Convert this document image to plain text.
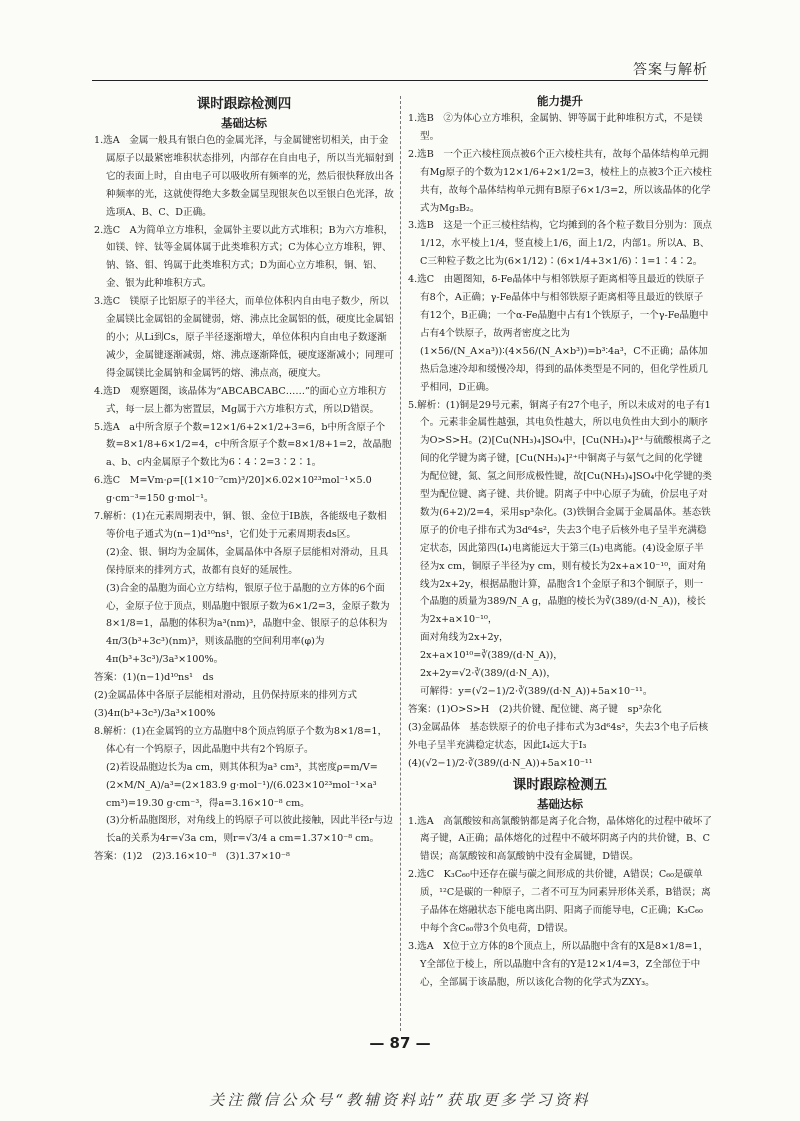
答案与解析
课时跟踪检测四
基础达标

1.选A　金属一般具有银白色的金属光泽，与金属键密切相关，由于金属原子以最紧密堆积状态排列，内部存在自由电子，所以当光辐射到它的表面上时，自由电子可以吸收所有频率的光，然后很快释放出各种频率的光，这就使得绝大多数金属呈现银灰色以至银白色光泽，故选项A、B、C、D正确。

2.选C　A为简单立方堆积，金属钋主要以此方式堆积；B为六方堆积，如镁、锌、钛等金属体属于此类堆积方式；C为体心立方堆积，钾、钠、铬、钼、钨属于此类堆积方式；D为面心立方堆积，铜、铝、金、银为此种堆积方式。

3.选C　镁原子比铝原子的半径大，而单位体积内自由电子数少，所以金属镁比金属铝的金属键弱，熔、沸点比金属铝的低，硬度比金属铝的小；从Li到Cs，原子半径逐渐增大，单位体积内自由电子数逐渐减少，金属键逐渐减弱，熔、沸点逐渐降低，硬度逐渐减小；同理可得金属镁比金属钠和金属钙的熔、沸点高，硬度大。

4.选D　观察题图，该晶体为“ABCABCABC……”的面心立方堆积方式，每一层上都为密置层，Mg属于六方堆积方式，所以D错误。

5.选A　a中所含原子个数=12×1/6+2×1/2+3=6，b中所含原子个数=8×1/8+6×1/2=4，c中所含原子个数=8×1/8+1=2，故晶胞a、b、c内金属原子个数比为6∶4∶2=3∶2∶1。

6.选C　M=Vm·ρ=[(1×10⁻⁷cm)³/20]×6.02×10²³mol⁻¹×5.0 g·cm⁻³=150 g·mol⁻¹。

7.解析：(1)在元素周期表中，铜、银、金位于ⅠB族，各能级电子数相等价电子通式为(n−1)d¹⁰ns¹，它们处于元素周期表ds区。
(2)金、银、铜均为金属体，金属晶体中各原子层能相对滑动，且具保持原来的排列方式，故都有良好的延展性。
(3)合金的晶胞为面心立方结构，银原子位于晶胞的立方体的6个面心，金原子位于顶点，则晶胞中银原子数为6×1/2=3，金原子数为8×1/8=1，晶胞的体积为a³(nm)³，晶胞中金、银原子的总体积为4π/3(b³+3c³)(nm)³，则该晶胞的空间利用率(φ)为4π(b³+3c³)/3a³×100%。

答案：(1)(n−1)d¹⁰ns¹　ds
(2)金属晶体中各原子层能相对滑动，且仍保持原来的排列方式　(3)4π(b³+3c³)/3a³×100%

8.解析：(1)在金属钨的立方晶胞中8个顶点钨原子个数为8×1/8=1，体心有一个钨原子，因此晶胞中共有2个钨原子。
(2)若设晶胞边长为a cm，则其体积为a³ cm³，其密度ρ=m/V=(2×M/N_A)/a³=(2×183.9 g·mol⁻¹)/(6.023×10²³mol⁻¹×a³ cm³)=19.30 g·cm⁻³，得a=3.16×10⁻⁸ cm。
(3)分析晶胞图形，对角线上的钨原子可以彼此接触，因此半径r与边长a的关系为4r=√3a cm，则r=√3/4 a cm=1.37×10⁻⁸ cm。

答案：(1)2　(2)3.16×10⁻⁸　(3)1.37×10⁻⁸

能力提升

1.选B　②为体心立方堆积，金属钠、钾等属于此种堆积方式，不是镁型。

2.选B　一个正六棱柱顶点被6个正六棱柱共有，故每个晶体结构单元拥有Mg原子的个数为12×1/6+2×1/2=3，棱柱上的点被3个正六棱柱共有，故每个晶体结构单元拥有B原子6×1/3=2，所以该晶体的化学式为Mg₃B₂。

3.选B　这是一个正三棱柱结构，它均摊到的各个粒子数目分别为：顶点1/12，水平棱上1/4，竖直棱上1/6，面上1/2，内部1。所以A、B、C三种粒子数之比为(6×1/12)∶(6×1/4+3×1/6)∶1=1∶4∶2。

4.选C　由题图知，δ-Fe晶体中与相邻铁原子距离相等且最近的铁原子有8个，A正确；γ-Fe晶体中与相邻铁原子距离相等且最近的铁原子有12个，B正确；一个α-Fe晶胞中占有1个铁原子，一个γ-Fe晶胞中占有4个铁原子，故两者密度之比为(1×56/(N_A×a³))∶(4×56/(N_A×b³))=b³∶4a³，C不正确；晶体加热后急速冷却和缓慢冷却，得到的晶体类型是不同的，但化学性质几乎相同，D正确。

5.解析：(1)铜是29号元素，铜离子有27个电子，所以未成对的电子有1个。元素非金属性越强，其电负性越大，所以电负性由大到小的顺序为O>S>H。(2)[Cu(NH₃)₄]SO₄中，[Cu(NH₃)₄]²⁺与硫酸根离子之间的化学键为离子键，[Cu(NH₃)₄]²⁺中铜离子与氨气之间的化学键为配位键，氮、氢之间形成极性键，故[Cu(NH₃)₄]SO₄中化学键的类型为配位键、离子键、共价键。阴离子中中心原子为硫，价层电子对数为(6+2)/2=4，采用sp³杂化。(3)铁铜合金属于金属晶体。基态铁原子的价电子排布式为3d⁶4s²，失去3个电子后核外电子呈半充满稳定状态，因此第四(I₄)电离能远大于第三(I₃)电离能。(4)设金原子半径为x cm，铜原子半径为y cm，则有棱长为2x+a×10⁻¹⁰，面对角线为2x+2y，根据晶胞计算，晶胞含1个金原子和3个铜原子，则一个晶胞的质量为389/N_A g，晶胞的棱长为∛(389/(d·N_A))，棱长为2x+a×10⁻¹⁰，
面对角线为2x+2y，
2x+a×10¹⁰=∛(389/(d·N_A))，
2x+2y=√2·∛(389/(d·N_A))，
可解得：y=(√2−1)/2·∛(389/(d·N_A))+5a×10⁻¹¹。

答案：(1)O>S>H　(2)共价键、配位键、离子键　sp³杂化
(3)金属晶体　基态铁原子的价电子排布式为3d⁶4s²，失去3个电子后核外电子呈半充满稳定状态，因此I₄远大于I₃
(4)(√2−1)/2·∛(389/(d·N_A))+5a×10⁻¹¹

课时跟踪检测五
基础达标

1.选A　高氯酸铵和高氯酸钠都是离子化合物，晶体熔化的过程中破坏了离子键，A正确；晶体熔化的过程中不破坏阴离子内的共价键，B、C错误；高氯酸铵和高氯酸钠中没有金属键，D错误。

2.选C　K₃C₆₀中还存在碳与碳之间形成的共价键，A错误；C₆₀是碳单质，¹²C是碳的一种原子，二者不可互为同素异形体关系，B错误；离子晶体在熔融状态下能电离出阴、阳离子而能导电，C正确；K₃C₆₀中每个含C₆₀带3个负电荷，D错误。

3.选A　X位于立方体的8个顶点上，所以晶胞中含有的X是8×1/8=1，Y全部位于棱上，所以晶胞中含有的Y是12×1/4=3，Z全部位于中心，全部属于该晶胞，所以该化合物的化学式为ZXY₃。

— 87 —
关注微信公众号“教辅资料站”获取更多学习资料
